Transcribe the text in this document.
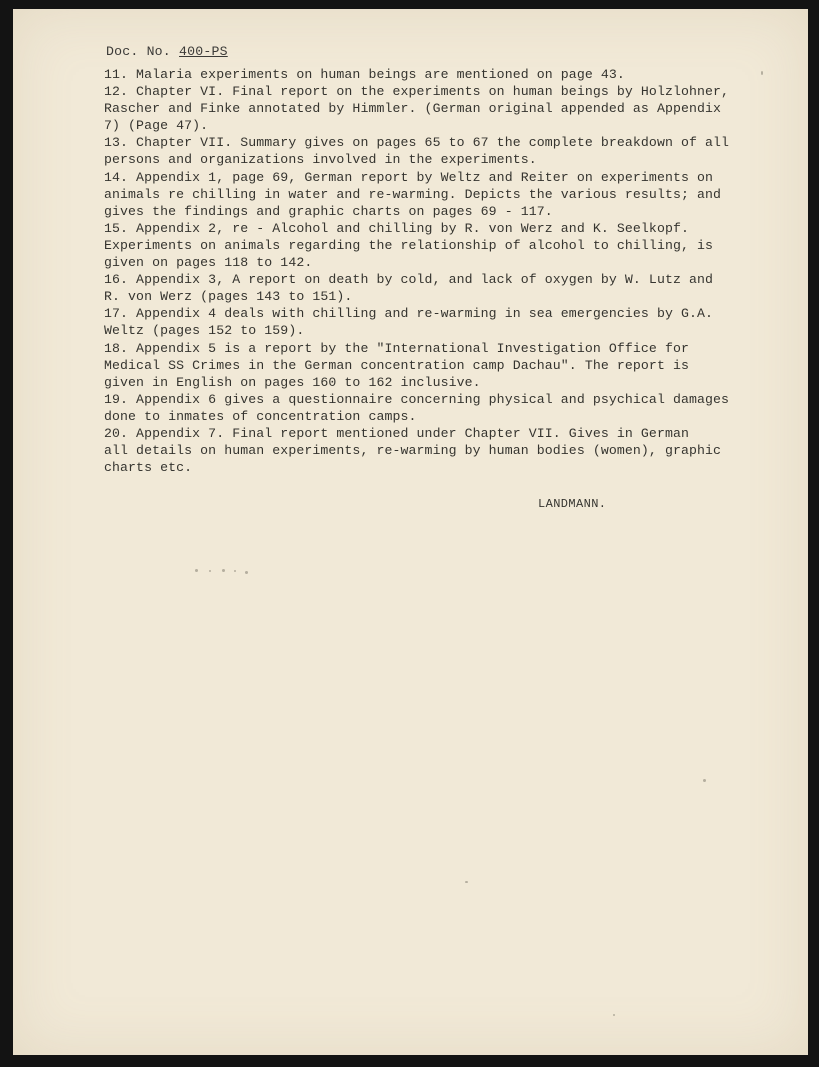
Doc. No. 400-PS
11. Malaria experiments on human beings are mentioned on page 43.
12. Chapter VI. Final report on the experiments on human beings by Holzlohner,
Rascher and Finke annotated by Himmler. (German original appended as Appendix
7) (Page 47).
13. Chapter VII. Summary gives on pages 65 to 67 the complete breakdown of all
persons and organizations involved in the experiments.
14. Appendix 1, page 69, German report by Weltz and Reiter on experiments on
animals re chilling in water and re-warming. Depicts the various results; and
gives the findings and graphic charts on pages 69 - 117.
15. Appendix 2, re - Alcohol and chilling by R. von Werz and K. Seelkopf.
Experiments on animals regarding the relationship of alcohol to chilling, is
given on pages 118 to 142.
16. Appendix 3, A report on death by cold, and lack of oxygen by W. Lutz and
R. von Werz (pages 143 to 151).
17. Appendix 4 deals with chilling and re-warming in sea emergencies by G.A.
Weltz (pages 152 to 159).
18. Appendix 5 is a report by the "International Investigation Office for
Medical SS Crimes in the German concentration camp Dachau". The report is
given in English on pages 160 to 162 inclusive.
19. Appendix 6 gives a questionnaire concerning physical and psychical damages
done to inmates of concentration camps.
20. Appendix 7. Final report mentioned under Chapter VII. Gives in German
all details on human experiments, re-warming by human bodies (women), graphic
charts etc.
LANDMANN.
